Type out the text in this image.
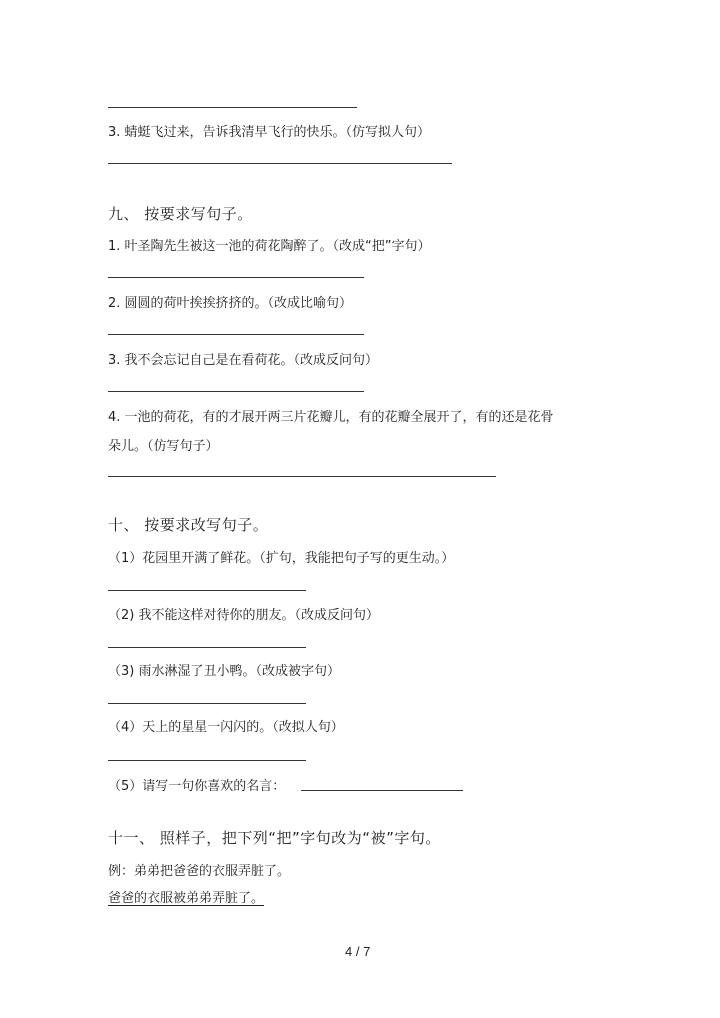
3. 蜻蜓飞过来，告诉我清早飞行的快乐。（仿写拟人句）
九、 按要求写句子。
1. 叶圣陶先生被这一池的荷花陶醉了。（改成“把”字句）
2. 圆圆的荷叶挨挨挤挤的。（改成比喻句）
3. 我不会忘记自己是在看荷花。（改成反问句）
4. 一池的荷花，有的才展开两三片花瓣儿，有的花瓣全展开了，有的还是花骨
朵儿。（仿写句子）
十、 按要求改写句子。
（1）花园里开满了鲜花。（扩句，我能把句子写的更生动。）
（2) 我不能这样对待你的朋友。（改成反问句）
（3) 雨水淋湿了丑小鸭。（改成被字句）
（4）天上的星星一闪闪的。（改拟人句）
（5）请写一句你喜欢的名言：
十一、 照样子，把下列“把”字句改为“被”字句。
例：弟弟把爸爸的衣服弄脏了。
爸爸的衣服被弟弟弄脏了。
4 / 7
